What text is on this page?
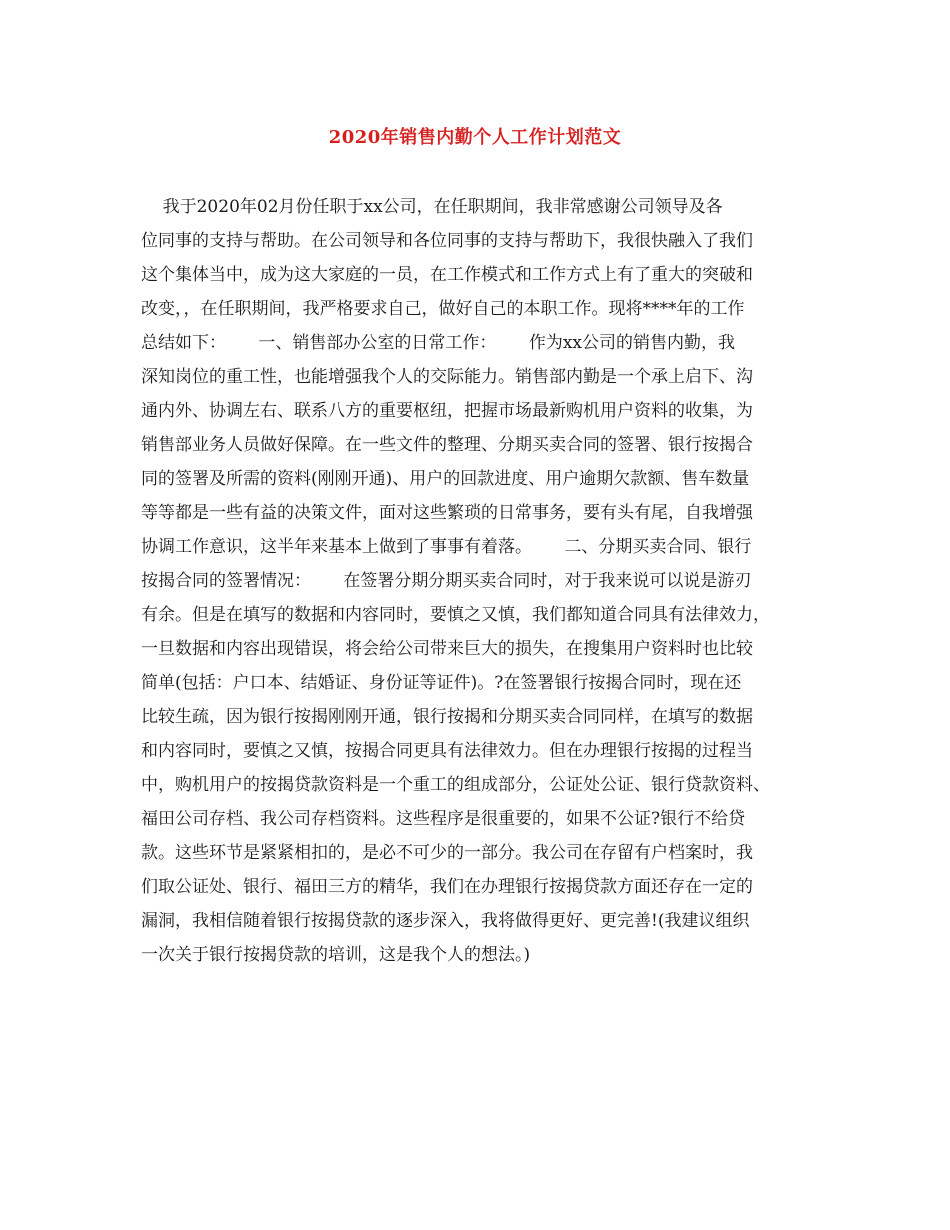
2020年销售内勤个人工作计划范文
我于2020年02月份任职于xx公司，在任职期间，我非常感谢公司领导及各
位同事的支持与帮助。在公司领导和各位同事的支持与帮助下，我很快融入了我们
这个集体当中，成为这大家庭的一员，在工作模式和工作方式上有了重大的突破和
改变，，在任职期间，我严格要求自己，做好自己的本职工作。现将****年的工作
总结如下：      一、销售部办公室的日常工作：      作为xx公司的销售内勤，我
深知岗位的重工性，也能增强我个人的交际能力。销售部内勤是一个承上启下、沟
通内外、协调左右、联系八方的重要枢纽，把握市场最新购机用户资料的收集，为
销售部业务人员做好保障。在一些文件的整理、分期买卖合同的签署、银行按揭合
同的签署及所需的资料(刚刚开通)、用户的回款进度、用户逾期欠款额、售车数量
等等都是一些有益的决策文件，面对这些繁琐的日常事务，要有头有尾，自我增强
协调工作意识，这半年来基本上做到了事事有着落。      二、分期买卖合同、银行
按揭合同的签署情况：      在签署分期分期买卖合同时，对于我来说可以说是游刃
有余。但是在填写的数据和内容同时，要慎之又慎，我们都知道合同具有法律效力，
一旦数据和内容出现错误，将会给公司带来巨大的损失，在搜集用户资料时也比较
简单(包括：户口本、结婚证、身份证等证件)。?在签署银行按揭合同时，现在还
比较生疏，因为银行按揭刚刚开通，银行按揭和分期买卖合同同样，在填写的数据
和内容同时，要慎之又慎，按揭合同更具有法律效力。但在办理银行按揭的过程当
中，购机用户的按揭贷款资料是一个重工的组成部分，公证处公证、银行贷款资料、
福田公司存档、我公司存档资料。这些程序是很重要的，如果不公证?银行不给贷
款。这些环节是紧紧相扣的，是必不可少的一部分。我公司在存留有户档案时，我
们取公证处、银行、福田三方的精华，我们在办理银行按揭贷款方面还存在一定的
漏洞，我相信随着银行按揭贷款的逐步深入，我将做得更好、更完善!(我建议组织
一次关于银行按揭贷款的培训，这是我个人的想法。)
